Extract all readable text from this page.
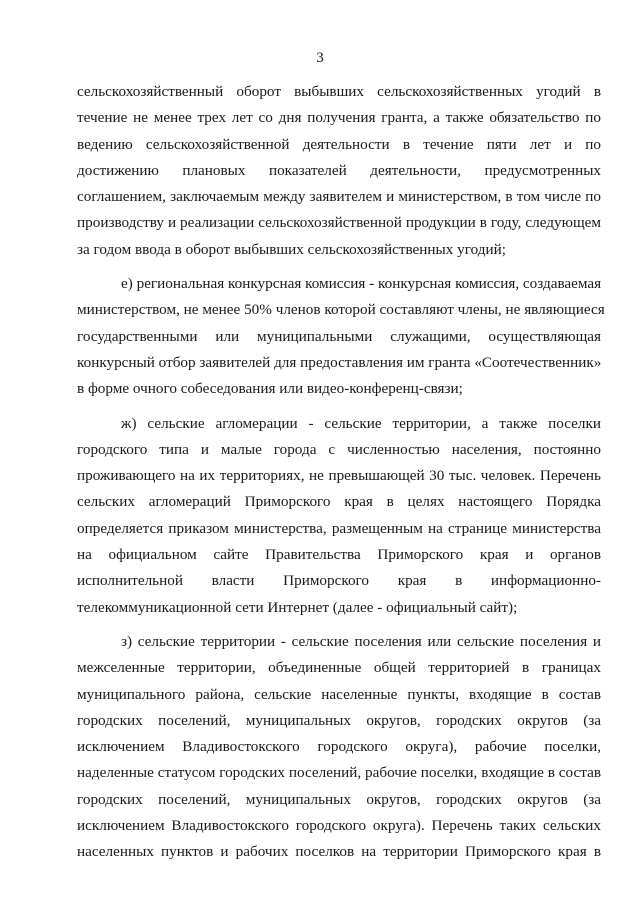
3
сельскохозяйственный оборот выбывших сельскохозяйственных угодий в
течение не менее трех лет со дня получения гранта, а также обязательство по
ведению сельскохозяйственной деятельности в течение пяти лет и по
достижению плановых показателей деятельности, предусмотренных
соглашением, заключаемым между заявителем и министерством, в том числе по
производству и реализации сельскохозяйственной продукции в году, следующем
за годом ввода в оборот выбывших сельскохозяйственных угодий;
е) региональная конкурсная комиссия - конкурсная комиссия, создаваемая
министерством, не менее 50% членов которой составляют члены, не являющиеся
государственными или муниципальными служащими, осуществляющая
конкурсный отбор заявителей для предоставления им гранта «Соотечественник»
в форме очного собеседования или видео-конференц-связи;
ж) сельские агломерации - сельские территории, а также поселки
городского типа и малые города с численностью населения, постоянно
проживающего на их территориях, не превышающей 30 тыс. человек. Перечень
сельских агломераций Приморского края в целях настоящего Порядка
определяется приказом министерства, размещенным на странице министерства
на официальном сайте Правительства Приморского края и органов
исполнительной власти Приморского края в информационно-
телекоммуникационной сети Интернет (далее - официальный сайт);
з) сельские территории - сельские поселения или сельские поселения и
межселенные территории, объединенные общей территорией в границах
муниципального района, сельские населенные пункты, входящие в состав
городских поселений, муниципальных округов, городских округов (за
исключением Владивостокского городского округа), рабочие поселки,
наделенные статусом городских поселений, рабочие поселки, входящие в состав
городских поселений, муниципальных округов, городских округов (за
исключением Владивостокского городского округа). Перечень таких сельских
населенных пунктов и рабочих поселков на территории Приморского края в
